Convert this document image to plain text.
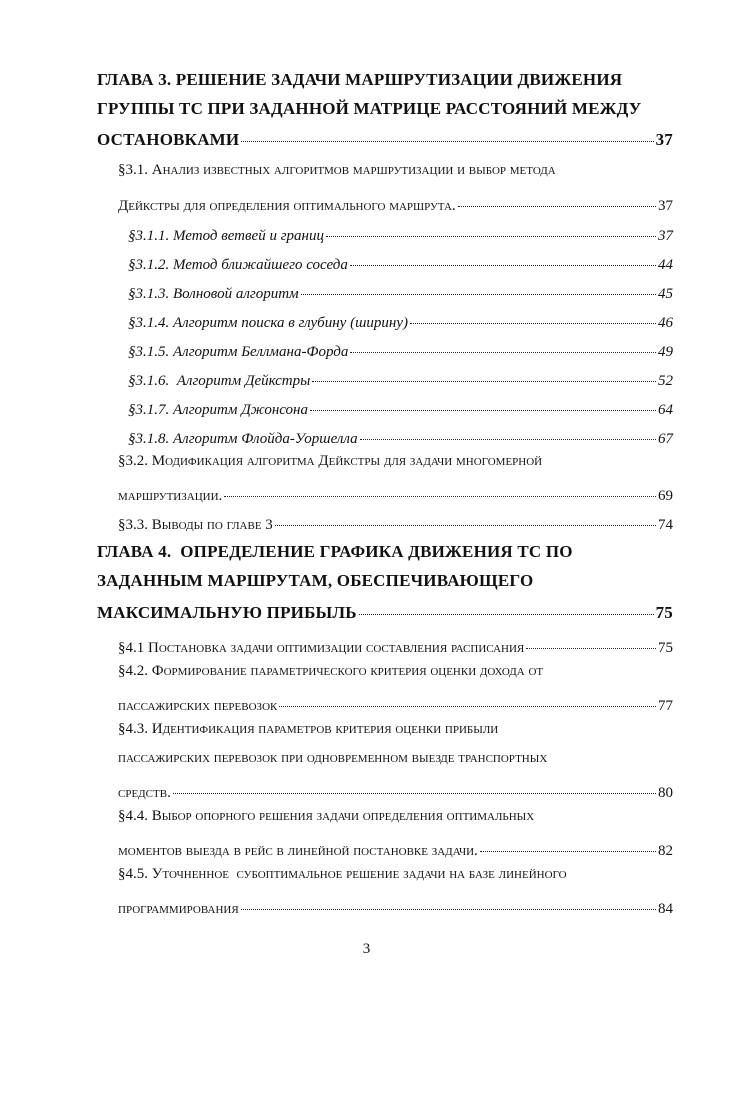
ГЛАВА 3. РЕШЕНИЕ ЗАДАЧИ МАРШРУТИЗАЦИИ ДВИЖЕНИЯ
ГРУППЫ ТС ПРИ ЗАДАННОЙ МАТРИЦЕ РАССТОЯНИЙ МЕЖДУ
ОСТАНОВКАМИ	37
§3.1. Анализ известных алгоритмов маршрутизации и выбор метода
Дейкстры для определения оптимального маршрута.	37
§3.1.1. Метод ветвей и границ	37
§3.1.2. Метод ближайшего соседа	44
§3.1.3. Волновой алгоритм	45
§3.1.4. Алгоритм поиска в глубину (ширину)	46
§3.1.5. Алгоритм Беллмана-Форда	49
§3.1.6.  Алгоритм Дейкстры	52
§3.1.7. Алгоритм Джонсона	64
§3.1.8. Алгоритм Флойда-Уоршелла	67
§3.2. Модификация алгоритма Дейкстры для задачи многомерной
маршрутизации.	69
§3.3. Выводы по главе 3	74
ГЛАВА 4.  ОПРЕДЕЛЕНИЕ ГРАФИКА ДВИЖЕНИЯ ТС ПО
ЗАДАННЫМ МАРШРУТАМ, ОБЕСПЕЧИВАЮЩЕГО
МАКСИМАЛЬНУЮ ПРИБЫЛЬ	75
§4.1 Постановка задачи оптимизации составления расписания	75
§4.2. Формирование параметрического критерия оценки дохода от
пассажирских перевозок	77
§4.3. Идентификация параметров критерия оценки прибыли
пассажирских перевозок при одновременном выезде транспортных
средств.	80
§4.4. Выбор опорного решения задачи определения оптимальных
моментов выезда в рейс в линейной постановке задачи.	82
§4.5. Уточненное  субоптимальное решение задачи на базе линейного
программирования	84
3
